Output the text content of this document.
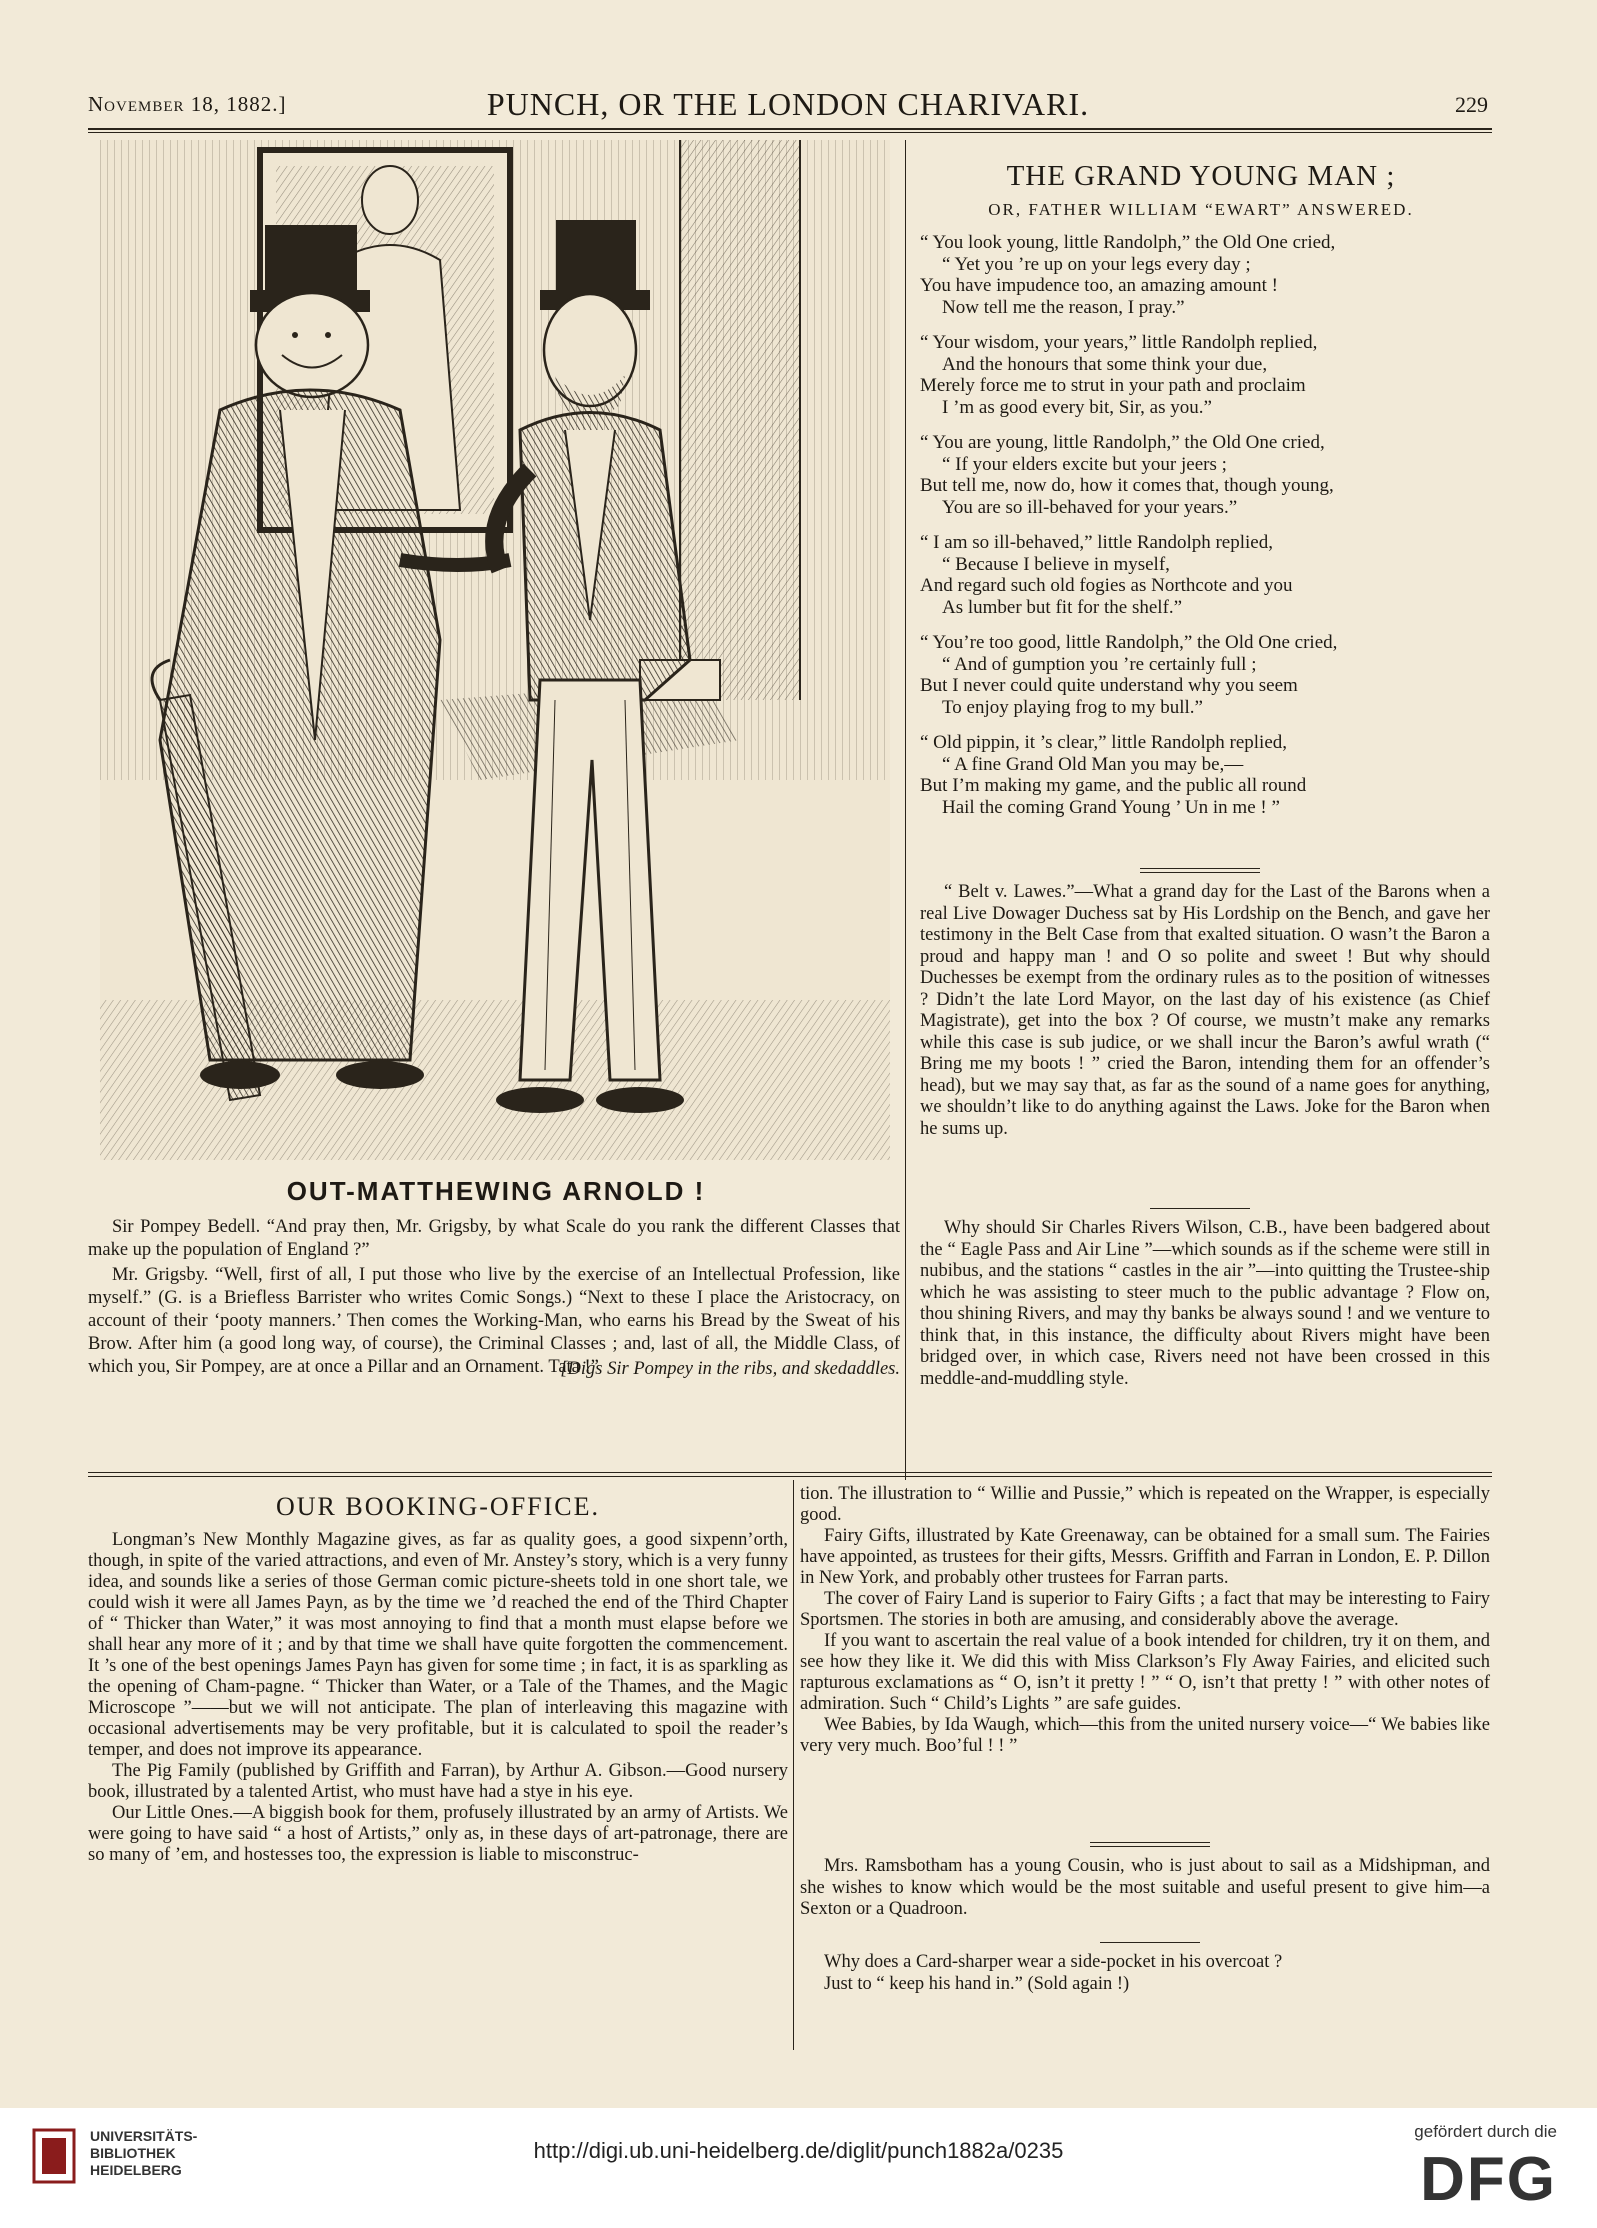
November 18, 1882.]	PUNCH, OR THE LONDON CHARIVARI.	229
OUT-MATTHEWING ARNOLD !

Sir Pompey Bedell. “And pray then, Mr. Grigsby, by what Scale do you rank the different Classes that make up the population of England ?”

Mr. Grigsby. “Well, first of all, I put those who live by the exercise of an Intellectual Profession, like myself.” (G. is a Briefless Barrister who writes Comic Songs.) “Next to these I place the Aristocracy, on account of their ‘pooty manners.’ Then comes the Working-Man, who earns his Bread by the Sweat of his Brow. After him (a good long way, of course), the Criminal Classes ; and, last of all, the Middle Class, of which you, Sir Pompey, are at once a Pillar and an Ornament. Tata !”

[Digs Sir Pompey in the ribs, and skedaddles.
THE GRAND YOUNG MAN ;
OR, FATHER WILLIAM “EWART” ANSWERED.
“ You look young, little Randolph,” the Old One cried,
“ Yet you ’re up on your legs every day ;
You have impudence too, an amazing amount !
Now tell me the reason, I pray.”
“ Your wisdom, your years,” little Randolph replied,
And the honours that some think your due,
Merely force me to strut in your path and proclaim
I ’m as good every bit, Sir, as you.”
“ You are young, little Randolph,” the Old One cried,
“ If your elders excite but your jeers ;
But tell me, now do, how it comes that, though young,
You are so ill-behaved for your years.”
“ I am so ill-behaved,” little Randolph replied,
“ Because I believe in myself,
And regard such old fogies as Northcote and you
As lumber but fit for the shelf.”
“ You’re too good, little Randolph,” the Old One cried,
“ And of gumption you ’re certainly full ;
But I never could quite understand why you seem
To enjoy playing frog to my bull.”
“ Old pippin, it ’s clear,” little Randolph replied,
“ A fine Grand Old Man you may be,—
But I’m making my game, and the public all round
Hail the coming Grand Young ’ Un in me ! ”

“ Belt v. Lawes.”—What a grand day for the Last of the Barons when a real Live Dowager Duchess sat by His Lordship on the Bench, and gave her testimony in the Belt Case from that exalted situation. O wasn’t the Baron a proud and happy man ! and O so polite and sweet ! But why should Duchesses be exempt from the ordinary rules as to the position of witnesses ? Didn’t the late Lord Mayor, on the last day of his existence (as Chief Magistrate), get into the box ? Of course, we mustn’t make any remarks while this case is sub judice, or we shall incur the Baron’s awful wrath (“ Bring me my boots ! ” cried the Baron, intending them for an offender’s head), but we may say that, as far as the sound of a name goes for anything, we shouldn’t like to do anything against the Laws. Joke for the Baron when he sums up.

Why should Sir Charles Rivers Wilson, C.B., have been badgered about the “ Eagle Pass and Air Line ”—which sounds as if the scheme were still in nubibus, and the stations “ castles in the air ”—into quitting the Trustee-ship which he was assisting to steer much to the public advantage ? Flow on, thou shining Rivers, and may thy banks be always sound ! and we venture to think that, in this instance, the difficulty about Rivers might have been bridged over, in which case, Rivers need not have been crossed in this meddle-and-muddling style.

OUR BOOKING-OFFICE.

Longman’s New Monthly Magazine gives, as far as quality goes, a good sixpenn’orth, though, in spite of the varied attractions, and even of Mr. Anstey’s story, which is a very funny idea, and sounds like a series of those German comic picture-sheets told in one short tale, we could wish it were all James Payn, as by the time we ’d reached the end of the Third Chapter of “ Thicker than Water,” it was most annoying to find that a month must elapse before we shall hear any more of it ; and by that time we shall have quite forgotten the commencement. It ’s one of the best openings James Payn has given for some time ; in fact, it is as sparkling as the opening of Cham-pagne. “ Thicker than Water, or a Tale of the Thames, and the Magic Microscope ”——but we will not anticipate. The plan of interleaving this magazine with occasional advertisements may be very profitable, but it is calculated to spoil the reader’s temper, and does not improve its appearance.

The Pig Family (published by Griffith and Farran), by Arthur A. Gibson.—Good nursery book, illustrated by a talented Artist, who must have had a stye in his eye.

Our Little Ones.—A biggish book for them, profusely illustrated by an army of Artists. We were going to have said “ a host of Artists,” only as, in these days of art-patronage, there are so many of ’em, and hostesses too, the expression is liable to misconstruc-

tion. The illustration to “ Willie and Pussie,” which is repeated on the Wrapper, is especially good.

Fairy Gifts, illustrated by Kate Greenaway, can be obtained for a small sum. The Fairies have appointed, as trustees for their gifts, Messrs. Griffith and Farran in London, E. P. Dillon in New York, and probably other trustees for Farran parts.

The cover of Fairy Land is superior to Fairy Gifts ; a fact that may be interesting to Fairy Sportsmen. The stories in both are amusing, and considerably above the average.

If you want to ascertain the real value of a book intended for children, try it on them, and see how they like it. We did this with Miss Clarkson’s Fly Away Fairies, and elicited such rapturous exclamations as “ O, isn’t it pretty ! ” “ O, isn’t that pretty ! ” with other notes of admiration. Such “ Child’s Lights ” are safe guides.

Wee Babies, by Ida Waugh, which—this from the united nursery voice—“ We babies like very very much. Boo’ful ! ! ”

Mrs. Ramsbotham has a young Cousin, who is just about to sail as a Midshipman, and she wishes to know which would be the most suitable and useful present to give him—a Sexton or a Quadroon.

Why does a Card-sharper wear a side-pocket in his overcoat ?

Just to “ keep his hand in.” (Sold again !)

UNIVERSITÄTS-
BIBLIOTHEK
HEIDELBERG
http://digi.ub.uni-heidelberg.de/diglit/punch1882a/0235
gefördert durch die
DFG
